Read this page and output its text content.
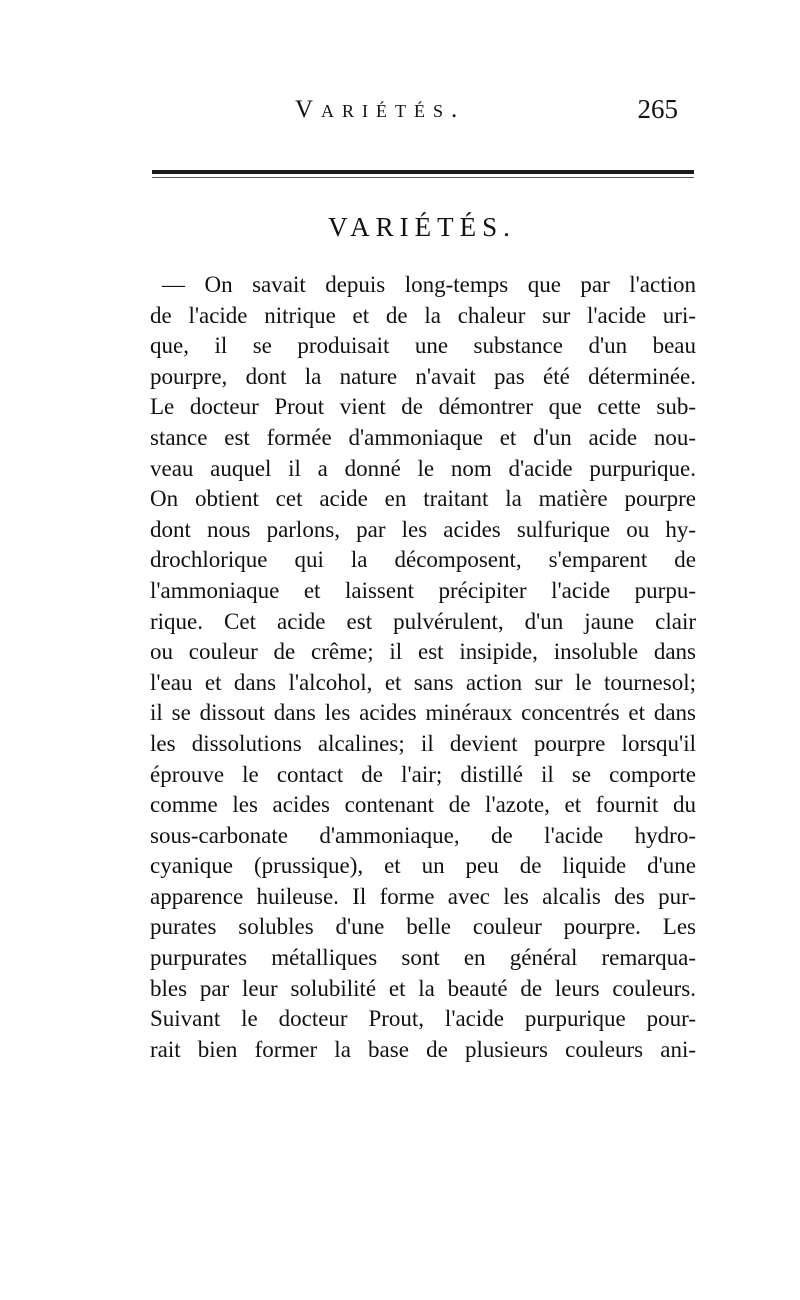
Variétés.	265
VARIÉTÉS.
— On savait depuis long-temps que par l'action
de l'acide nitrique et de la chaleur sur l'acide uri-
que, il se produisait une substance d'un beau
pourpre, dont la nature n'avait pas été déterminée.
Le docteur Prout vient de démontrer que cette sub-
stance est formée d'ammoniaque et d'un acide nou-
veau auquel il a donné le nom d'acide purpurique.
On obtient cet acide en traitant la matière pourpre
dont nous parlons, par les acides sulfurique ou hy-
drochlorique qui la décomposent, s'emparent de
l'ammoniaque et laissent précipiter l'acide purpu-
rique. Cet acide est pulvérulent, d'un jaune clair
ou couleur de crême; il est insipide, insoluble dans
l'eau et dans l'alcohol, et sans action sur le tournesol;
il se dissout dans les acides minéraux concentrés et dans
les dissolutions alcalines; il devient pourpre lorsqu'il
éprouve le contact de l'air; distillé il se comporte
comme les acides contenant de l'azote, et fournit du
sous-carbonate d'ammoniaque, de l'acide hydro-
cyanique (prussique), et un peu de liquide d'une
apparence huileuse. Il forme avec les alcalis des pur-
purates solubles d'une belle couleur pourpre. Les
purpurates métalliques sont en général remarqua-
bles par leur solubilité et la beauté de leurs couleurs.
Suivant le docteur Prout, l'acide purpurique pour-
rait bien former la base de plusieurs couleurs ani-
